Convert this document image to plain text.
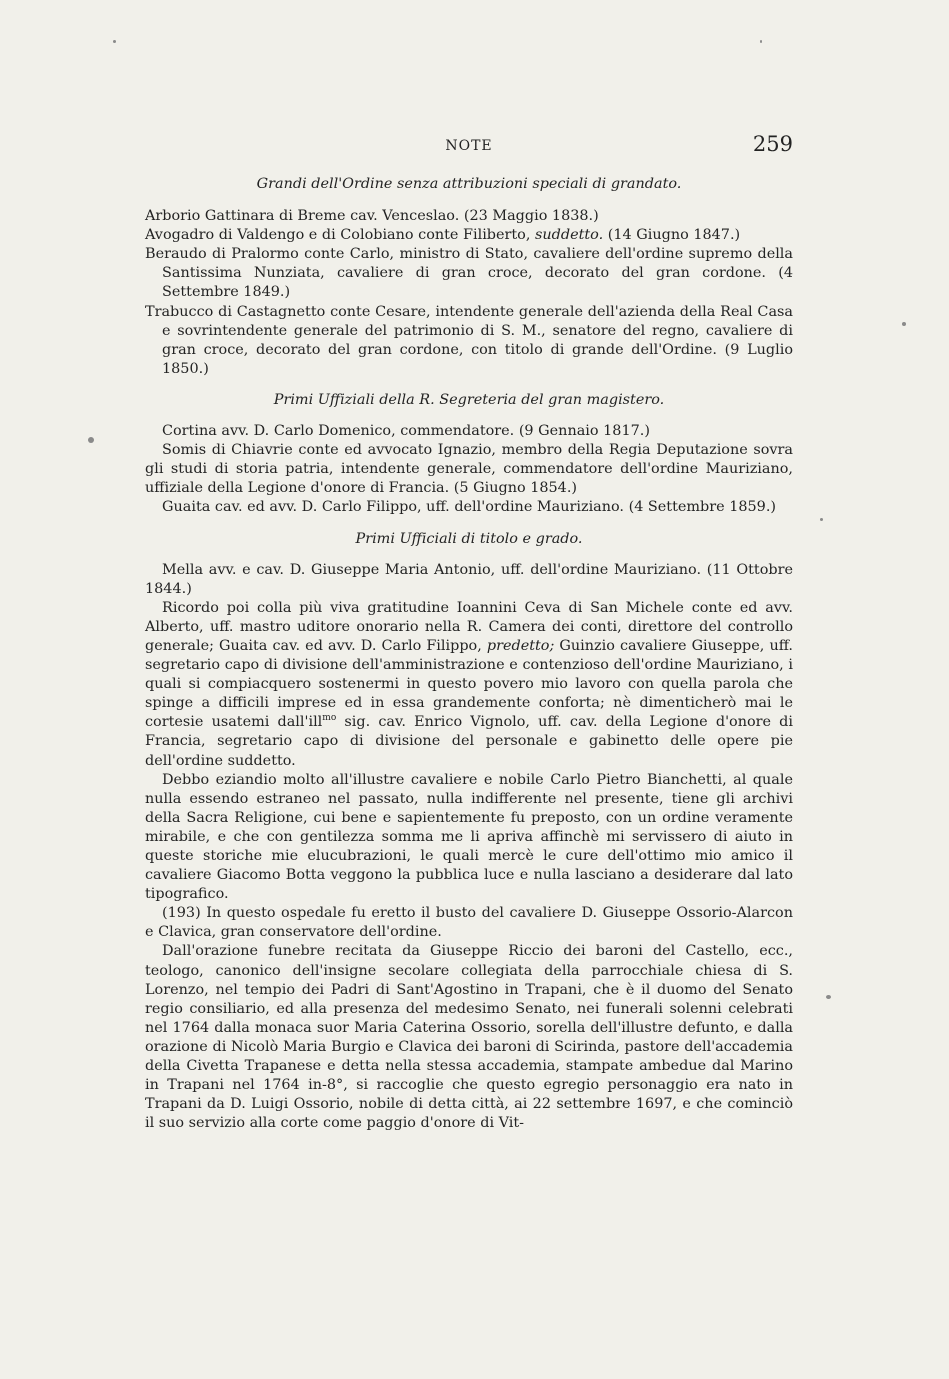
NOTE	259

Grandi dell'Ordine senza attribuzioni speciali di grandato.

Arborio Gattinara di Breme cav. Venceslao. (23 Maggio 1838.)

Avogadro di Valdengo e di Colobiano conte Filiberto, suddetto. (14 Giugno 1847.)

Beraudo di Pralormo conte Carlo, ministro di Stato, cavaliere dell'ordine supremo della Santissima Nunziata, cavaliere di gran croce, decorato del gran cordone. (4 Settembre 1849.)

Trabucco di Castagnetto conte Cesare, intendente generale dell'azienda della Real Casa e sovrintendente generale del patrimonio di S. M., senatore del regno, cavaliere di gran croce, decorato del gran cordone, con titolo di grande dell'Ordine. (9 Luglio 1850.)

Primi Uffiziali della R. Segreteria del gran magistero.

Cortina avv. D. Carlo Domenico, commendatore. (9 Gennaio 1817.)

Somis di Chiavrie conte ed avvocato Ignazio, membro della Regia Deputazione sovra gli studi di storia patria, intendente generale, commendatore dell'ordine Mauriziano, uffiziale della Legione d'onore di Francia. (5 Giugno 1854.)

Guaita cav. ed avv. D. Carlo Filippo, uff. dell'ordine Mauriziano. (4 Settembre 1859.)

Primi Ufficiali di titolo e grado.

Mella avv. e cav. D. Giuseppe Maria Antonio, uff. dell'ordine Mauriziano. (11 Ottobre 1844.)

Ricordo poi colla più viva gratitudine Ioannini Ceva di San Michele conte ed avv. Alberto, uff. mastro uditore onorario nella R. Camera dei conti, direttore del controllo generale; Guaita cav. ed avv. D. Carlo Filippo, predetto; Guinzio cavaliere Giuseppe, uff. segretario capo di divisione dell'amministrazione e contenzioso dell'ordine Mauriziano, i quali si compiacquero sostenermi in questo povero mio lavoro con quella parola che spinge a difficili imprese ed in essa grandemente conforta; nè dimenticherò mai le cortesie usatemi dall'ill$^{mo}$ sig. cav. Enrico Vignolo, uff. cav. della Legione d'onore di Francia, segretario capo di divisione del personale e gabinetto delle opere pie dell'ordine suddetto.

Debbo eziandio molto all'illustre cavaliere e nobile Carlo Pietro Bianchetti, al quale nulla essendo estraneo nel passato, nulla indifferente nel presente, tiene gli archivi della Sacra Religione, cui bene e sapientemente fu preposto, con un ordine veramente mirabile, e che con gentilezza somma me li apriva affinchè mi servissero di aiuto in queste storiche mie elucubrazioni, le quali mercè le cure dell'ottimo mio amico il cavaliere Giacomo Botta veggono la pubblica luce e nulla lasciano a desiderare dal lato tipografico.

(193) In questo ospedale fu eretto il busto del cavaliere D. Giuseppe Ossorio-Alarcon e Clavica, gran conservatore dell'ordine.

Dall'orazione funebre recitata da Giuseppe Riccio dei baroni del Castello, ecc., teologo, canonico dell'insigne secolare collegiata della parrocchiale chiesa di S. Lorenzo, nel tempio dei Padri di Sant'Agostino in Trapani, che è il duomo del Senato regio consiliario, ed alla presenza del medesimo Senato, nei funerali solenni celebrati nel 1764 dalla monaca suor Maria Caterina Ossorio, sorella dell'illustre defunto, e dalla orazione di Nicolò Maria Burgio e Clavica dei baroni di Scirinda, pastore dell'accademia della Civetta Trapanese e detta nella stessa accademia, stampate ambedue dal Marino in Trapani nel 1764 in-8°, si raccoglie che questo egregio personaggio era nato in Trapani da D. Luigi Ossorio, nobile di detta città, ai 22 settembre 1697, e che cominciò il suo servizio alla corte come paggio d'onore di Vit-
